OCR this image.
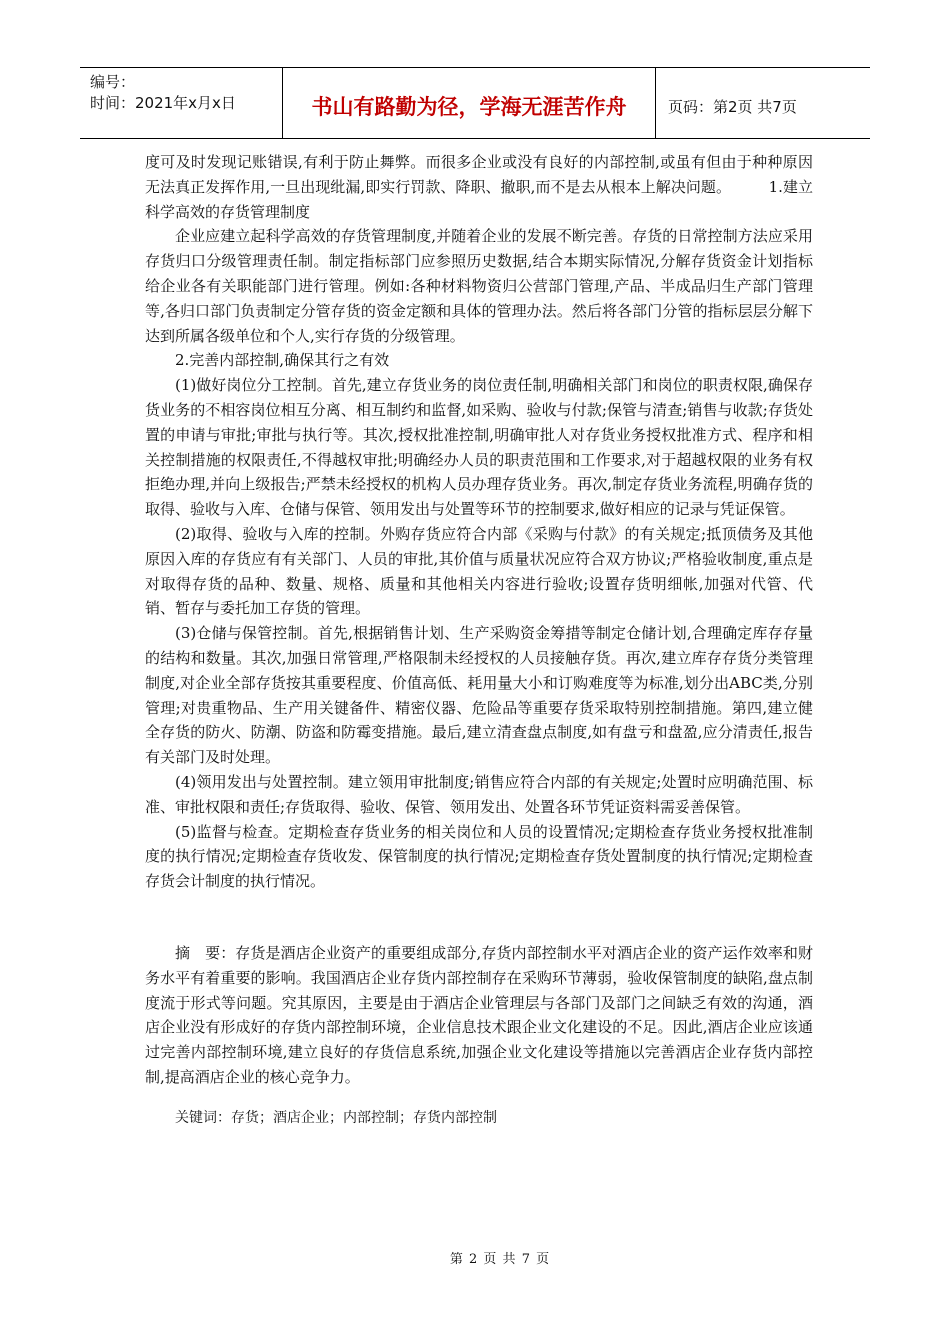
编号：
时间：2021年x月x日	书山有路勤为径，学海无涯苦作舟	页码：第2页 共7页

度可及时发现记账错误,有利于防止舞弊。而很多企业或没有良好的内部控制,或虽有但由于种种原因无法真正发挥作用,一旦出现纰漏,即实行罚款、降职、撤职,而不是去从根本上解决问题。　　　1.建立科学高效的存货管理制度

企业应建立起科学高效的存货管理制度,并随着企业的发展不断完善。存货的日常控制方法应采用存货归口分级管理责任制。制定指标部门应参照历史数据,结合本期实际情况,分解存货资金计划指标给企业各有关职能部门进行管理。例如:各种材料物资归公营部门管理,产品、半成品归生产部门管理等,各归口部门负责制定分管存货的资金定额和具体的管理办法。然后将各部门分管的指标层层分解下达到所属各级单位和个人,实行存货的分级管理。

2.完善内部控制,确保其行之有效

(1)做好岗位分工控制。首先,建立存货业务的岗位责任制,明确相关部门和岗位的职责权限,确保存货业务的不相容岗位相互分离、相互制约和监督,如采购、验收与付款;保管与清查;销售与收款;存货处置的申请与审批;审批与执行等。其次,授权批准控制,明确审批人对存货业务授权批准方式、程序和相关控制措施的权限责任,不得越权审批;明确经办人员的职责范围和工作要求,对于超越权限的业务有权拒绝办理,并向上级报告;严禁未经授权的机构人员办理存货业务。再次,制定存货业务流程,明确存货的取得、验收与入库、仓储与保管、领用发出与处置等环节的控制要求,做好相应的记录与凭证保管。

(2)取得、验收与入库的控制。外购存货应符合内部《采购与付款》的有关规定;抵顶债务及其他原因入库的存货应有有关部门、人员的审批,其价值与质量状况应符合双方协议;严格验收制度,重点是对取得存货的品种、数量、规格、质量和其他相关内容进行验收;设置存货明细帐,加强对代管、代销、暂存与委托加工存货的管理。

(3)仓储与保管控制。首先,根据销售计划、生产采购资金筹措等制定仓储计划,合理确定库存存量的结构和数量。其次,加强日常管理,严格限制未经授权的人员接触存货。再次,建立库存存货分类管理制度,对企业全部存货按其重要程度、价值高低、耗用量大小和订购难度等为标准,划分出ABC类,分别管理;对贵重物品、生产用关键备件、精密仪器、危险品等重要存货采取特别控制措施。第四,建立健全存货的防火、防潮、防盗和防霉变措施。最后,建立清查盘点制度,如有盘亏和盘盈,应分清责任,报告有关部门及时处理。

(4)领用发出与处置控制。建立领用审批制度;销售应符合内部的有关规定;处置时应明确范围、标准、审批权限和责任;存货取得、验收、保管、领用发出、处置各环节凭证资料需妥善保管。

(5)监督与检查。定期检查存货业务的相关岗位和人员的设置情况;定期检查存货业务授权批准制度的执行情况;定期检查存货收发、保管制度的执行情况;定期检查存货处置制度的执行情况;定期检查存货会计制度的执行情况。

摘　要：存货是酒店企业资产的重要组成部分,存货内部控制水平对酒店企业的资产运作效率和财务水平有着重要的影响。我国酒店企业存货内部控制存在采购环节薄弱，验收保管制度的缺陷,盘点制度流于形式等问题。究其原因，主要是由于酒店企业管理层与各部门及部门之间缺乏有效的沟通，酒店企业没有形成好的存货内部控制环境，企业信息技术跟企业文化建设的不足。因此,酒店企业应该通过完善内部控制环境,建立良好的存货信息系统,加强企业文化建设等措施以完善酒店企业存货内部控制,提高酒店企业的核心竞争力。

关键词：存货；酒店企业；内部控制；存货内部控制

第 2 页 共 7 页
